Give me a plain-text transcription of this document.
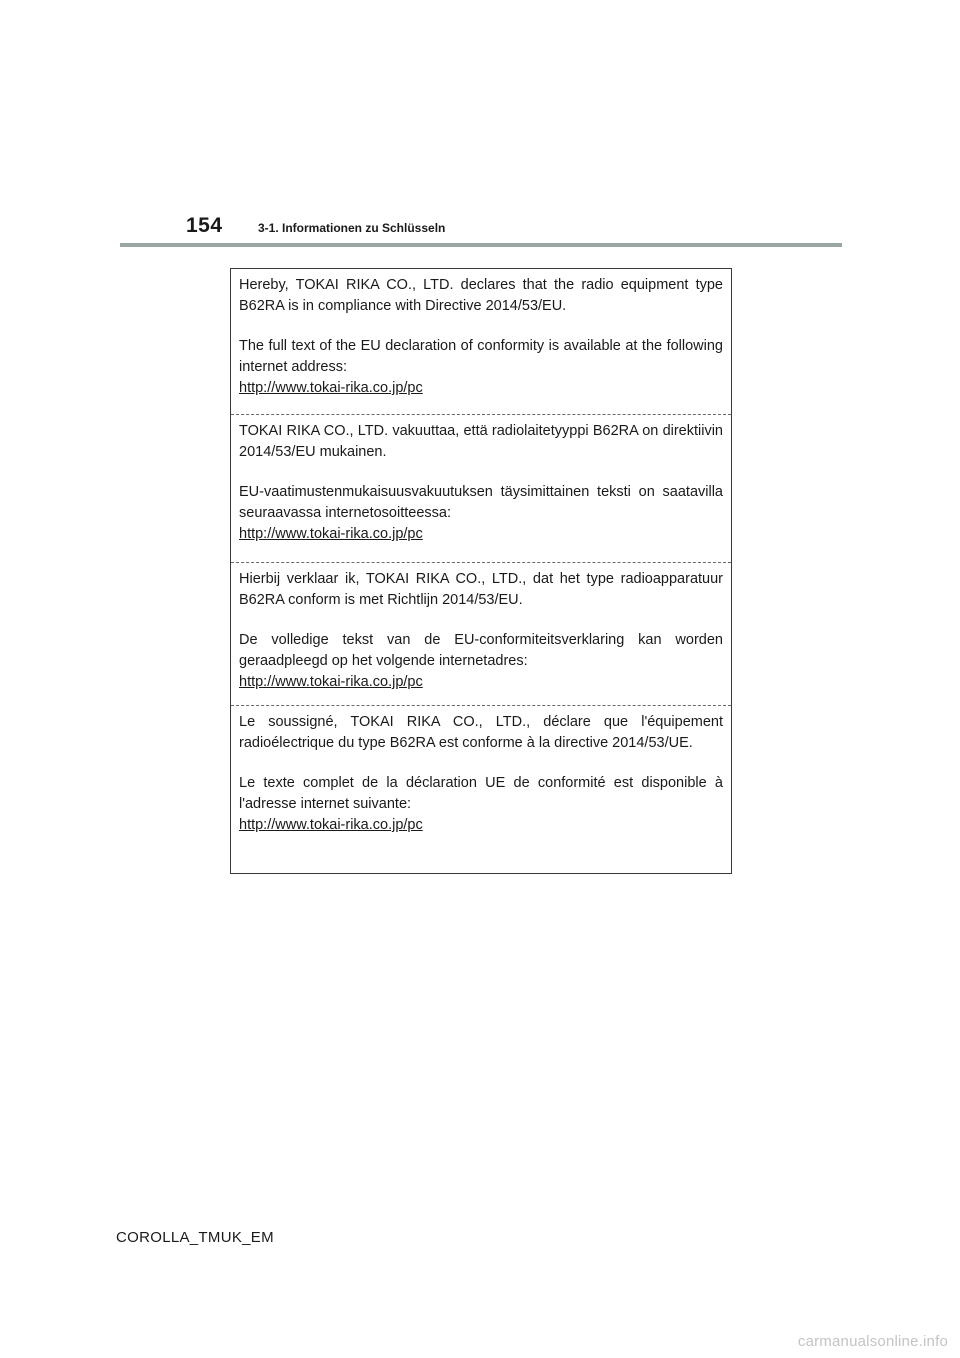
154	3-1. Informationen zu Schlüsseln

Hereby, TOKAI RIKA CO., LTD. declares that the radio equipment type B62RA is in compliance with Directive 2014/53/EU.

The full text of the EU declaration of conformity is available at the following internet address:

http://www.tokai-rika.co.jp/pc

TOKAI RIKA CO., LTD. vakuuttaa, että radiolaitetyyppi B62RA on direktiivin 2014/53/EU mukainen.

EU-vaatimustenmukaisuusvakuutuksen täysimittainen teksti on saatavilla seuraavassa internetosoitteessa:

http://www.tokai-rika.co.jp/pc

Hierbij verklaar ik, TOKAI RIKA CO., LTD., dat het type radioapparatuur B62RA conform is met Richtlijn 2014/53/EU.

De volledige tekst van de EU-conformiteitsverklaring kan worden geraadpleegd op het volgende internetadres:

http://www.tokai-rika.co.jp/pc

Le soussigné, TOKAI RIKA CO., LTD., déclare que l'équipement radioélectrique du type B62RA est conforme à la directive 2014/53/UE.

Le texte complet de la déclaration UE de conformité est disponible à l'adresse internet suivante:

http://www.tokai-rika.co.jp/pc
COROLLA_TMUK_EM
carmanualsonline.info
